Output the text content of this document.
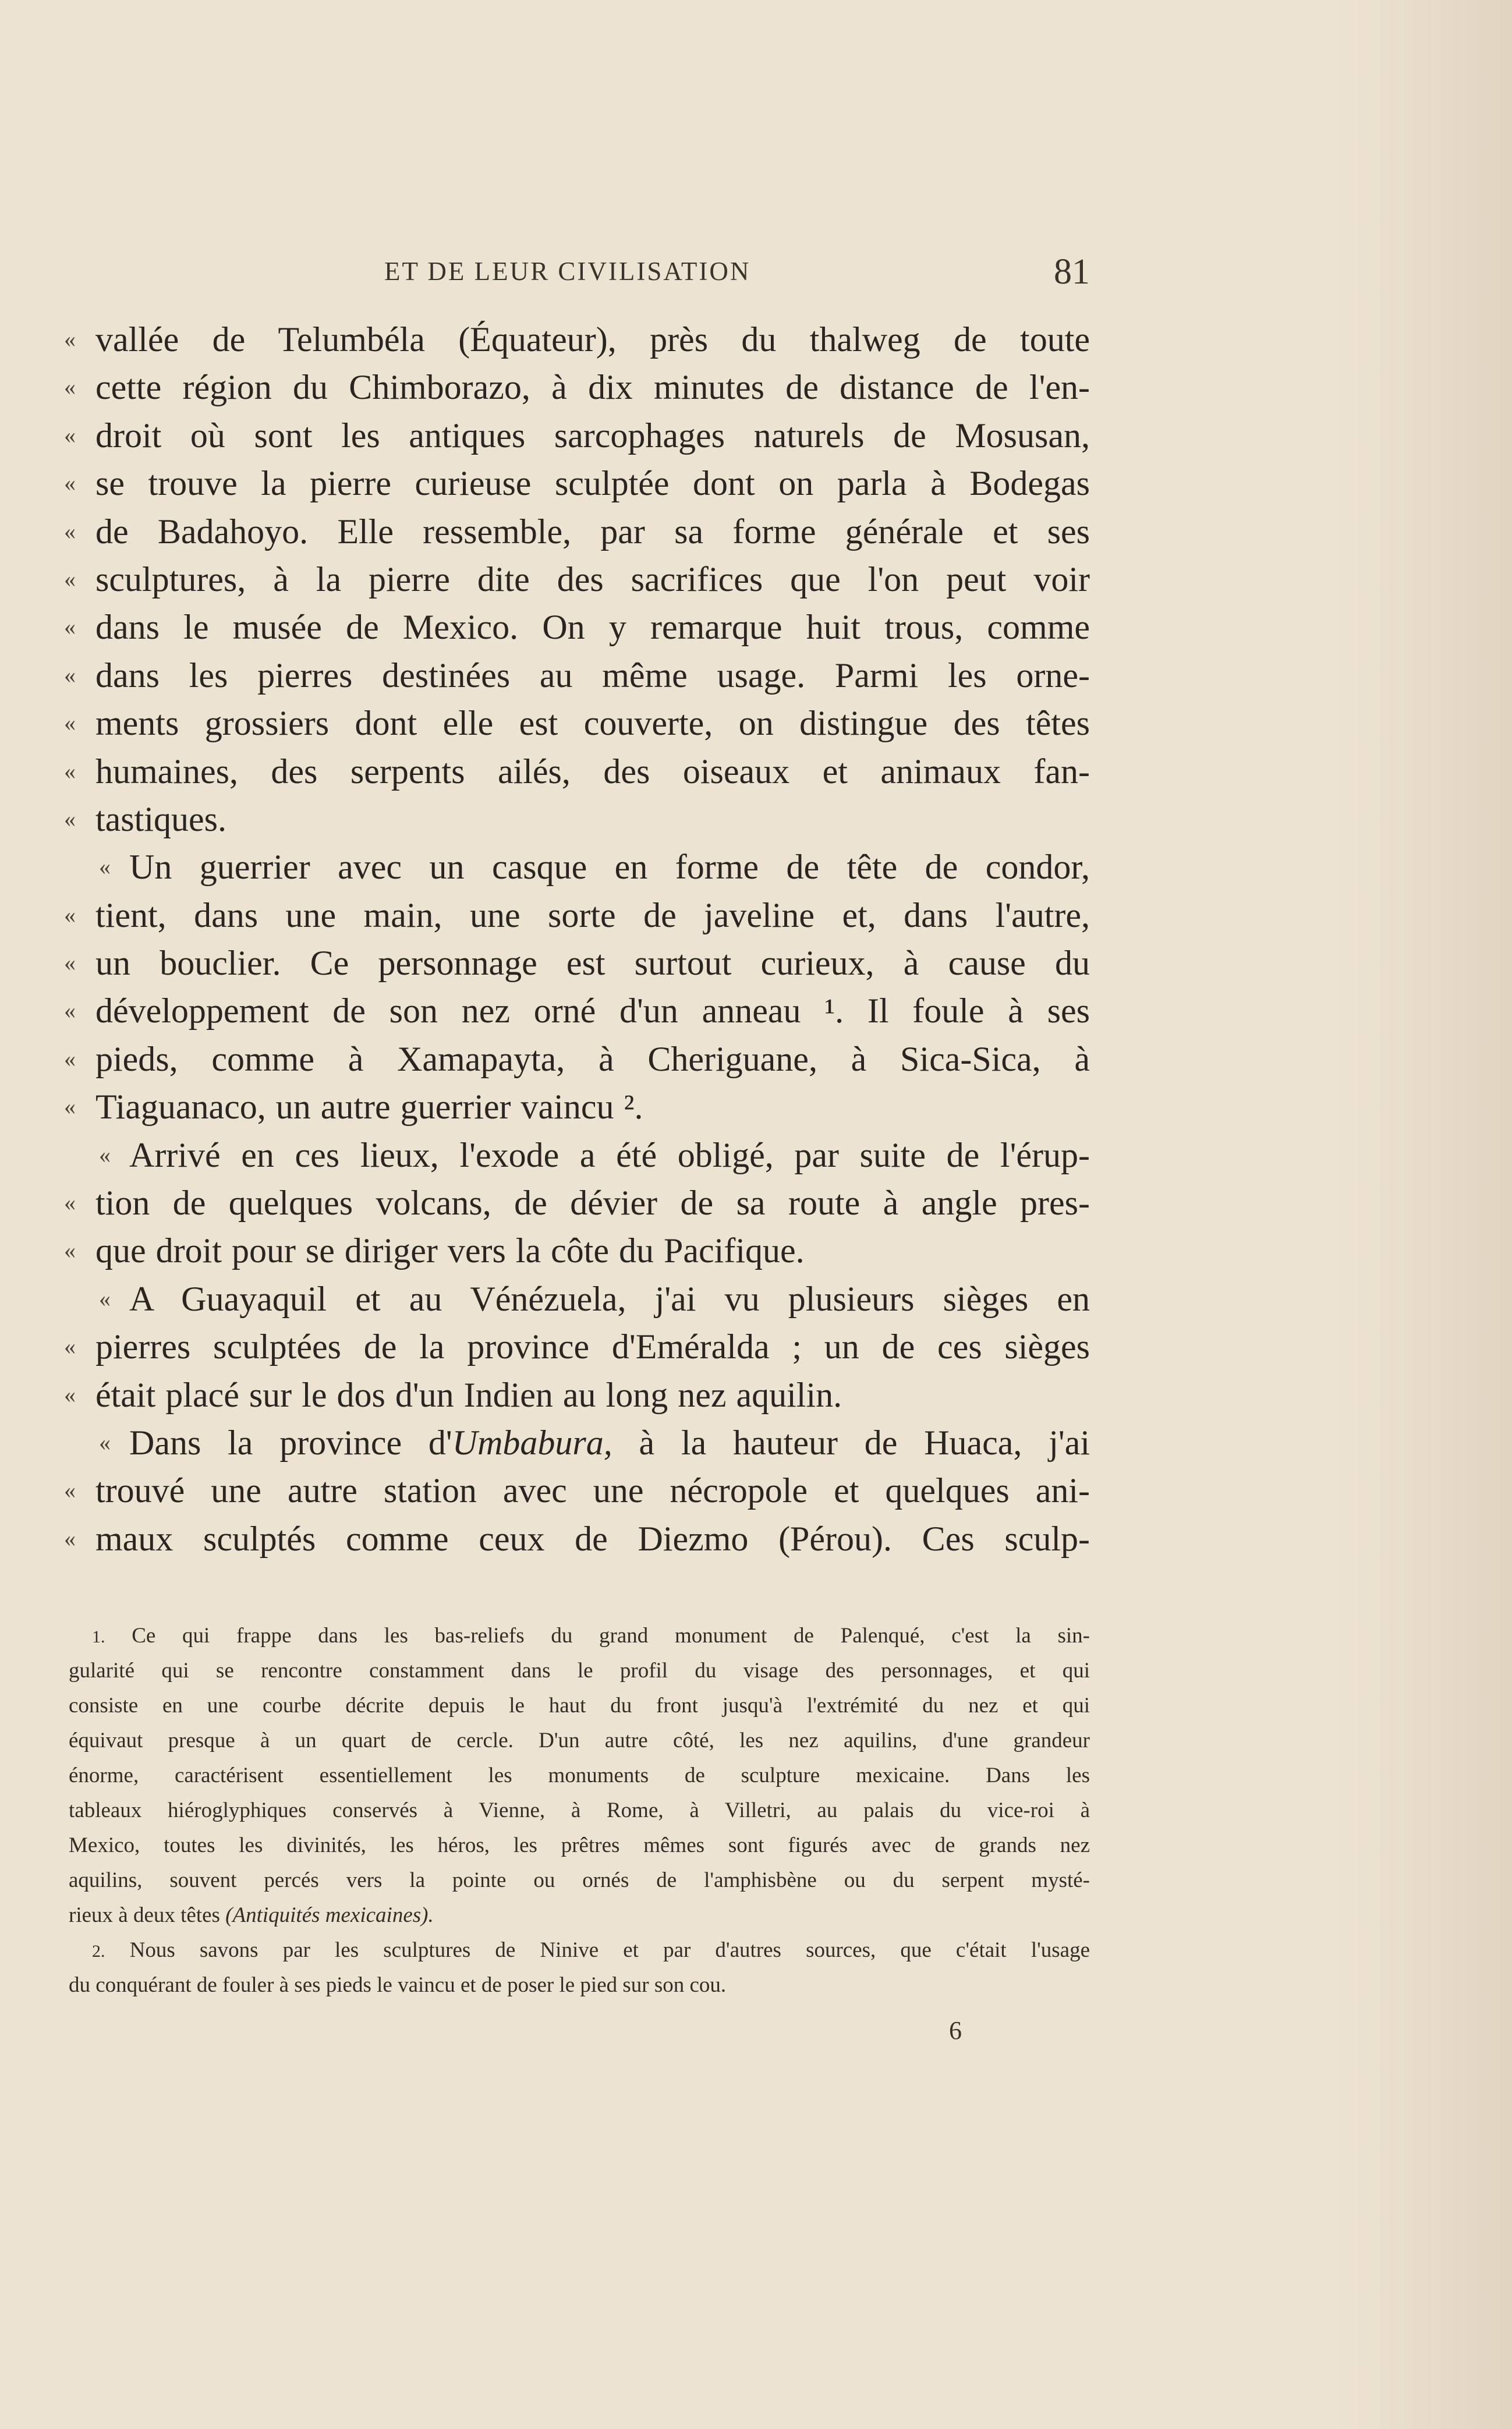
ET DE LEUR CIVILISATION	81
« vallée de Telumbéla (Équateur), près du thalweg de toute
« cette région du Chimborazo, à dix minutes de distance de l'en-
« droit où sont les antiques sarcophages naturels de Mosusan,
« se trouve la pierre curieuse sculptée dont on parla à Bodegas
« de Badahoyo. Elle ressemble, par sa forme générale et ses
« sculptures, à la pierre dite des sacrifices que l'on peut voir
« dans le musée de Mexico. On y remarque huit trous, comme
« dans les pierres destinées au même usage. Parmi les orne-
« ments grossiers dont elle est couverte, on distingue des têtes
« humaines, des serpents ailés, des oiseaux et animaux fan-
« tastiques.
« Un guerrier avec un casque en forme de tête de condor,
« tient, dans une main, une sorte de javeline et, dans l'autre,
« un bouclier. Ce personnage est surtout curieux, à cause du
« développement de son nez orné d'un anneau ¹. Il foule à ses
« pieds, comme à Xamapayta, à Cheriguane, à Sica-Sica, à
« Tiaguanaco, un autre guerrier vaincu ².
« Arrivé en ces lieux, l'exode a été obligé, par suite de l'érup-
« tion de quelques volcans, de dévier de sa route à angle pres-
« que droit pour se diriger vers la côte du Pacifique.
« A Guayaquil et au Vénézuela, j'ai vu plusieurs sièges en
« pierres sculptées de la province d'Eméralda ; un de ces sièges
« était placé sur le dos d'un Indien au long nez aquilin.
« Dans la province d'Umbabura, à la hauteur de Huaca, j'ai
« trouvé une autre station avec une nécropole et quelques ani-
« maux sculptés comme ceux de Diezmo (Pérou). Ces sculp-
1. Ce qui frappe dans les bas-reliefs du grand monument de Palenqué, c'est la sin-
gularité qui se rencontre constamment dans le profil du visage des personnages, et qui
consiste en une courbe décrite depuis le haut du front jusqu'à l'extrémité du nez et qui
équivaut presque à un quart de cercle. D'un autre côté, les nez aquilins, d'une grandeur
énorme, caractérisent essentiellement les monuments de sculpture mexicaine. Dans les
tableaux hiéroglyphiques conservés à Vienne, à Rome, à Villetri, au palais du vice-roi à
Mexico, toutes les divinités, les héros, les prêtres mêmes sont figurés avec de grands nez
aquilins, souvent percés vers la pointe ou ornés de l'amphisbène ou du serpent mysté-
rieux à deux têtes (Antiquités mexicaines).
2. Nous savons par les sculptures de Ninive et par d'autres sources, que c'était l'usage
du conquérant de fouler à ses pieds le vaincu et de poser le pied sur son cou.
6
